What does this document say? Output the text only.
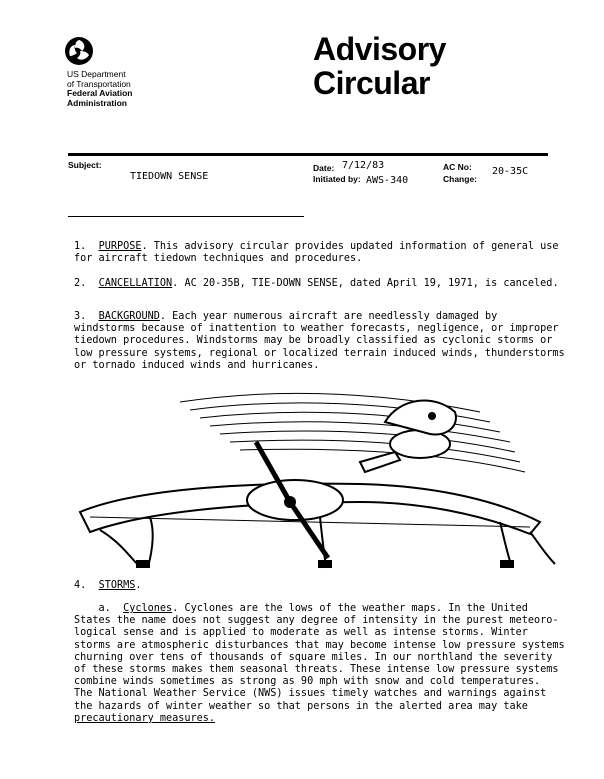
US Department
of Transportation
Federal Aviation
Administration
Advisory
Circular
Subject:
TIEDOWN SENSE
Date: 7/12/83
Initiated by: AWS-340
AC No: 20-35C
Change:
1. PURPOSE. This advisory circular provides updated information of general use
for aircraft tiedown techniques and procedures.
2. CANCELLATION. AC 20-35B, TIE-DOWN SENSE, dated April 19, 1971, is canceled.
3. BACKGROUND. Each year numerous aircraft are needlessly damaged by
windstorms because of inattention to weather forecasts, negligence, or improper
tiedown procedures. Windstorms may be broadly classified as cyclonic storms or
low pressure systems, regional or localized terrain induced winds, thunderstorms
or tornado induced winds and hurricanes.
4. STORMS.
a. Cyclones. Cyclones are the lows of the weather maps. In the United
States the name does not suggest any degree of intensity in the purest meteoro-
logical sense and is applied to moderate as well as intense storms. Winter
storms are atmospheric disturbances that may become intense low pressure systems
churning over tens of thousands of square miles. In our northland the severity
of these storms makes them seasonal threats. These intense low pressure systems
combine winds sometimes as strong as 90 mph with snow and cold temperatures.
The National Weather Service (NWS) issues timely watches and warnings against
the hazards of winter weather so that persons in the alerted area may take
precautionary measures.
